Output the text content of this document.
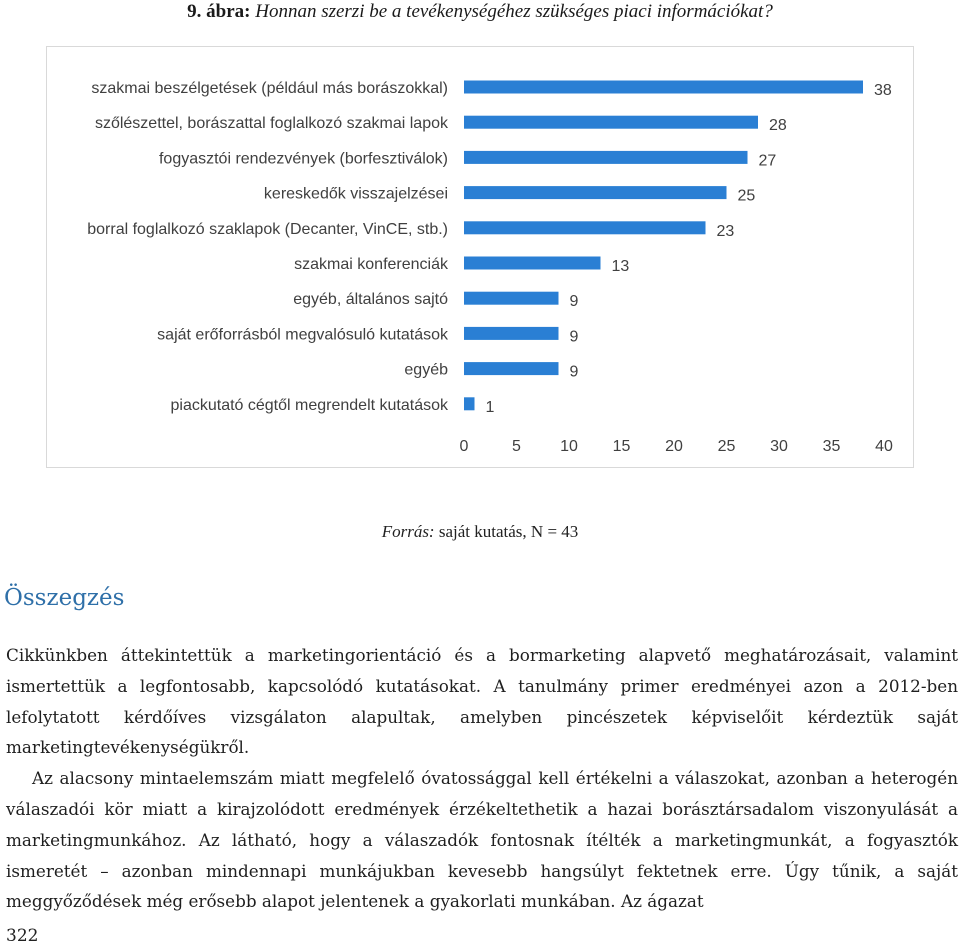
9. ábra: Honnan szerzi be a tevékenységéhez szükséges piaci információkat?
szakmai beszélgetések (például más borászokkal)	38
szőlészettel, borászattal foglalkozó szakmai lapok	28
fogyasztói rendezvények (borfesztiválok)	27
kereskedők visszajelzései	25
borral foglalkozó szaklapok (Decanter, VinCE, stb.)	23
szakmai konferenciák	13
egyéb, általános sajtó	9
saját erőforrásból megvalósuló kutatások	9
egyéb	9
piackutató cégtől megrendelt kutatások 1
0	5 10 15 20 25 30 35 40
Forrás: saját kutatás, N = 43
Összegzés

Cikkünkben áttekintettük a marketingorientáció és a bormarketing alapvető meghatározásait, valamint ismertettük a legfontosabb, kapcsolódó kutatásokat. A tanulmány primer eredményei azon a 2012-ben lefolytatott kérdőíves vizsgálaton alapultak, amelyben pincészetek képviselőit kérdeztük saját marketingtevékenységükről.

Az alacsony mintaelemszám miatt megfelelő óvatossággal kell értékelni a válaszokat, azonban a heterogén válaszadói kör miatt a kirajzolódott eredmények érzékeltethetik a hazai borásztársadalom viszonyulását a marketingmunkához. Az látható, hogy a válaszadók fontosnak ítélték a marketingmunkát, a fogyasztók ismeretét – azonban mindennapi munkájukban kevesebb hangsúlyt fektetnek erre. Úgy tűnik, a saját meggyőződések még erősebb alapot jelentenek a gyakorlati munkában. Az ágazat

322
